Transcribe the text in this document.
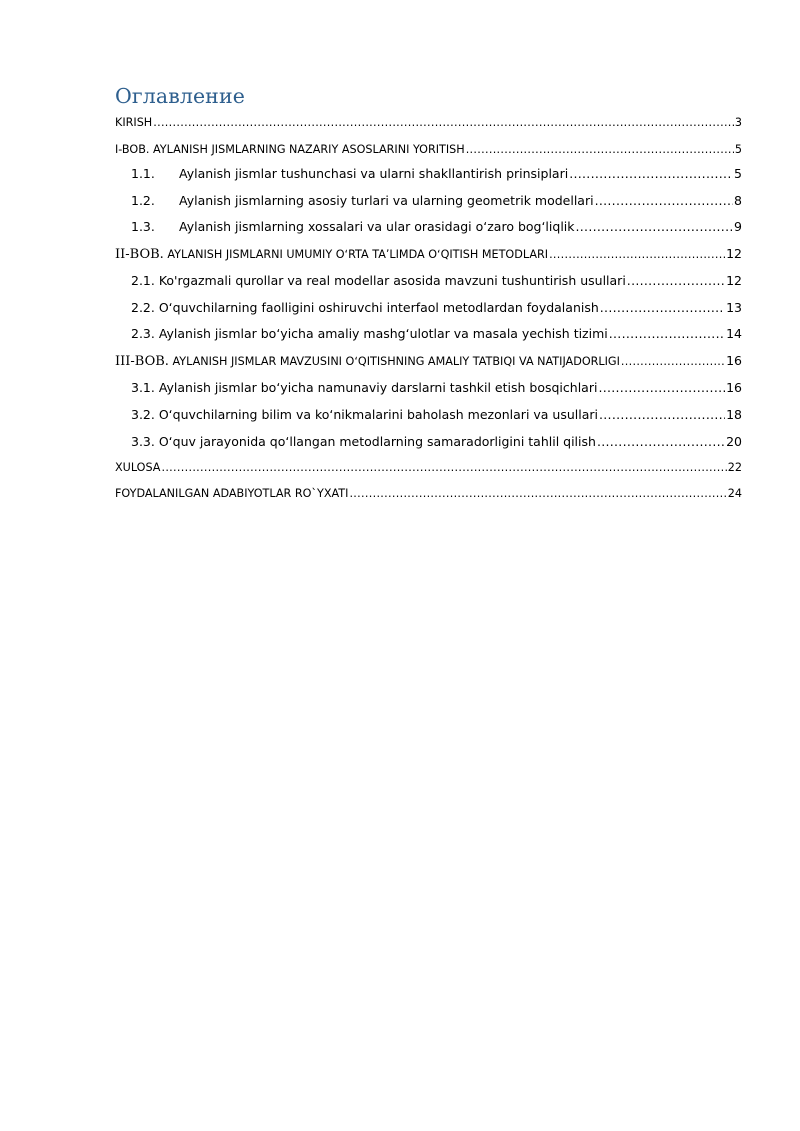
Оглавление
KIRISH .....	3
I-BOB. AYLANISH JISMLARNING NAZARIY ASOSLARINI YORITISH .....	5
1.1.	Aylanish jismlar tushunchasi va ularni shakllantirish prinsiplari .....	5
1.2.	Aylanish jismlarning asosiy turlari va ularning geometrik modellari .....	8
1.3.	Aylanish jismlarning xossalari va ular orasidagi oʻzaro bogʻliqlik .....	9
II-BOB. AYLANISH JISMLARNI UMUMIY OʻRTA TAʼLIMDA OʻQITISH METODLARI .....	12
2.1. Ko'rgazmali qurollar va real modellar asosida mavzuni tushuntirish usullari .....	12
2.2. Oʻquvchilarning faolligini oshiruvchi interfaol metodlardan foydalanish .....	13
2.3. Aylanish jismlar boʻyicha amaliy mashgʻulotlar va masala yechish tizimi .....	14
III-BOB. AYLANISH JISMLAR MAVZUSINI OʻQITISHNING AMALIY TATBIQI VA NATIJADORLIGI .....	16
3.1. Aylanish jismlar boʻyicha namunaviy darslarni tashkil etish bosqichlari .....	16
3.2. Oʻquvchilarning bilim va koʻnikmalarini baholash mezonlari va usullari .....	18
3.3. Oʻquv jarayonida qoʻllangan metodlarning samaradorligini tahlil qilish .....	20
XULOSA .....	22
FOYDALANILGAN ADABIYOTLAR RO`YXATI .....	24
